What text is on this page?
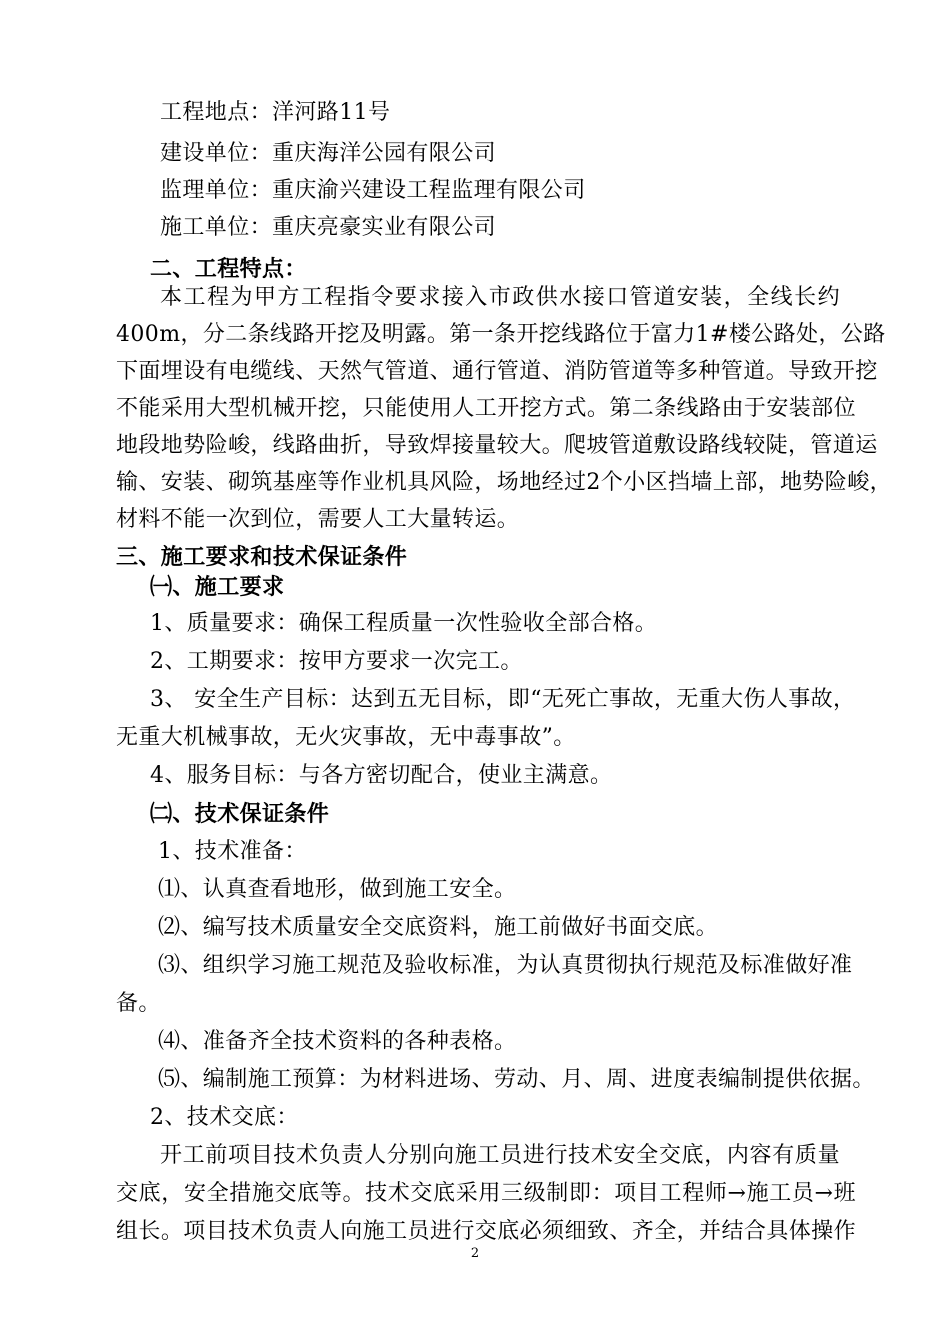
工程地点：洋河路11号
建设单位：重庆海洋公园有限公司
监理单位：重庆渝兴建设工程监理有限公司
施工单位：重庆亮豪实业有限公司
二、工程特点：
本工程为甲方工程指令要求接入市政供水接口管道安装，全线长约
400m，分二条线路开挖及明露。第一条开挖线路位于富力1#楼公路处，公路
下面埋设有电缆线、天然气管道、通行管道、消防管道等多种管道。导致开挖
不能采用大型机械开挖，只能使用人工开挖方式。第二条线路由于安装部位
地段地势险峻，线路曲折，导致焊接量较大。爬坡管道敷设路线较陡，管道运
输、安装、砌筑基座等作业机具风险，场地经过2个小区挡墙上部，地势险峻，
材料不能一次到位，需要人工大量转运。
三、施工要求和技术保证条件
㈠、施工要求
1、质量要求：确保工程质量一次性验收全部合格。
2、工期要求：按甲方要求一次完工。
3、 安全生产目标：达到五无目标，即“无死亡事故，无重大伤人事故，
无重大机械事故，无火灾事故，无中毒事故”。
4、服务目标：与各方密切配合，使业主满意。
㈡、技术保证条件
1、技术准备：
⑴、认真查看地形，做到施工安全。
⑵、编写技术质量安全交底资料，施工前做好书面交底。
⑶、组织学习施工规范及验收标准，为认真贯彻执行规范及标准做好准
备。
⑷、准备齐全技术资料的各种表格。
⑸、编制施工预算：为材料进场、劳动、月、周、进度表编制提供依据。
2、技术交底：
开工前项目技术负责人分别向施工员进行技术安全交底，内容有质量
交底，安全措施交底等。技术交底采用三级制即：项目工程师→施工员→班
组长。项目技术负责人向施工员进行交底必须细致、齐全，并结合具体操作
2
